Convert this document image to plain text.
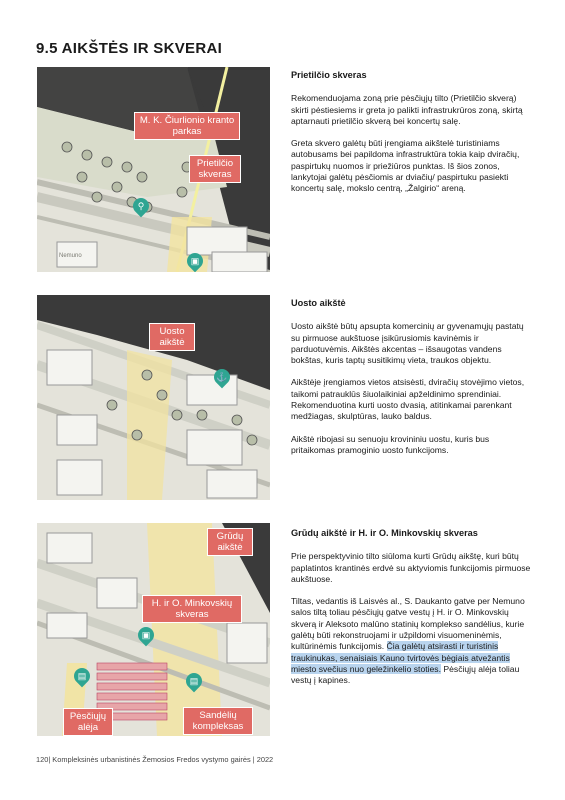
9.5 AIKŠTĖS IR SKVERAI
M. K. Čiurlionio kranto parkas
Prietilčio skveras
⚲
▣
Nemuno
Uosto aikštė
⚓
Grūdų aikštė
H. ir O. Minkovskių skveras
Pėsčiųjų alėja
Sandėlių kompleksas
▣
▤	▤
Prietilčio skveras

Rekomenduojama zoną prie pėsčiųjų tilto (Prietilčio skverą) skirti pėstiesiems ir greta jo palikti infrastrukrūros zoną, skirtą aptarnauti prietilčio skverą bei koncertų salę.

Greta skvero galėtų būti įrengiama aikštelė turistiniams autobusams bei papildoma infrastruktūra tokia kaip dviračių, paspirtukų nuomos ir priežiūros punktas. Iš šios zonos, lankytojai galėtų pėsčiomis ar dviačių/ paspirtuku pasiekti koncertų salę, mokslo centrą, „Žalgirio“ areną.

Uosto aikštė

Uosto aikštė būtų apsupta komercinių ar gyvenamųjų pastatų su pirmuose aukštuose įsikūrusiomis kavinėmis ir parduotuvėmis. Aikštės akcentas – išsaugotas vandens bokštas, kuris taptų susitikimų vieta, traukos objektu.

Aikštėje įrengiamos vietos atsisėsti, dviračių stovėjimo vietos, taikomi patrauklūs šiuolaikiniai apželdinimo sprendiniai. Rekomenduotina kurti uosto dvasią, atitinkamai parenkant medžiagas, skulptūras, lauko baldus.

Aikštė ribojasi su senuoju krovininiu uostu, kuris bus pritaikomas pramoginio uosto funkcijoms.

Grūdų aikštė ir H. ir O. Minkovskių skveras

Prie perspektyvinio tilto siūloma kurti Grūdų aikštę, kuri būtų paplatintos krantinės erdvė su aktyviomis funkcijomis pirmuose aukštuose.

Tiltas, vedantis iš Laisvės al., S. Daukanto gatve per Nemuno salos tiltą toliau pėsčiųjų gatve vestų į H. ir O. Minkovskių skverą ir Aleksoto malūno statinių komplekso sandėlius, kurie galėtų būti rekonstruojami ir užpildomi visuomeninėmis, kultūrinėmis funkcijomis. Čia galėtų atsirasti ir turistinis traukinukas, senaisiais Kauno tvirtovės bėgiais atvežantis miesto svečius nuo geležinkelio stoties. Pėsčiųjų alėja toliau vestų į kapines.

120| Kompleksinės urbanistinės Žemosios Fredos vystymo gairės | 2022
